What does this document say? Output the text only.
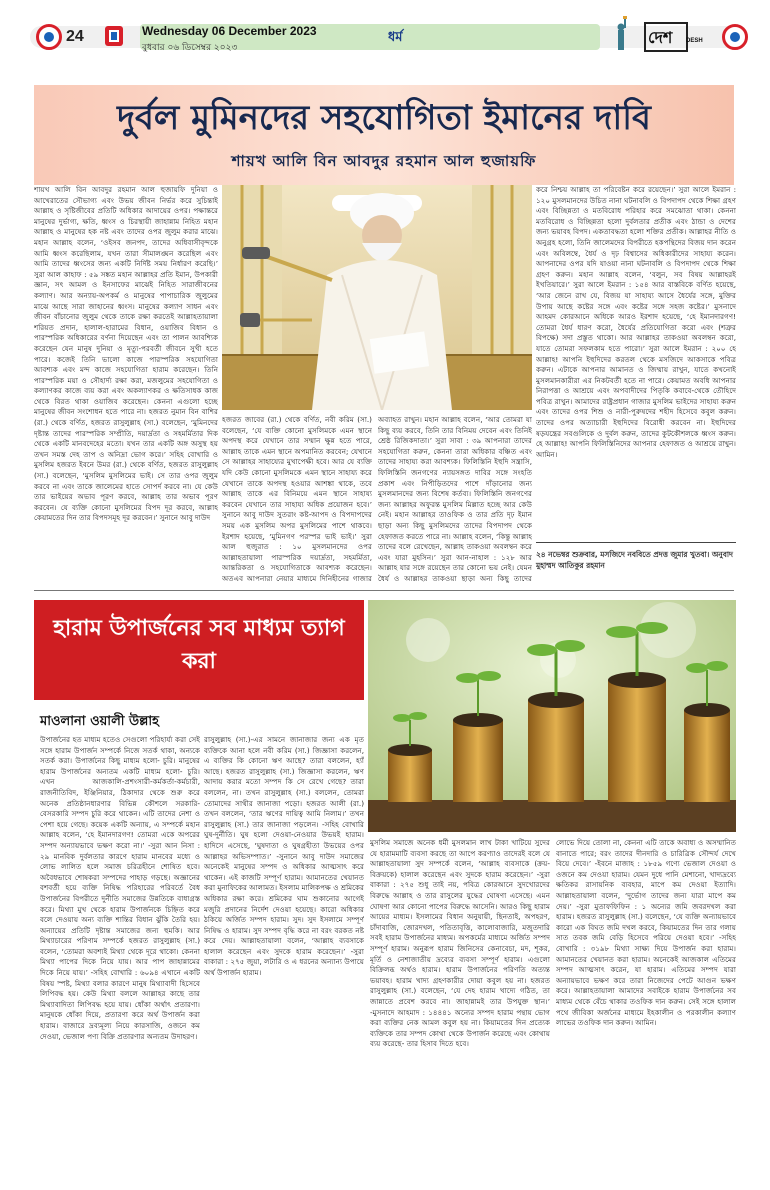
24	Wednesday 06 December 2023
বুধবার ০৬ ডিসেম্বর ২০২৩
ধর্ম	দেশ DESH
দুর্বল মুমিনদের সহযোগিতা ইমানের দাবি
শায়খ আলি বিন আবদুর রহমান আল হুজায়ফি
শায়খ আলি বিন আবদুর রহমান আল হুজায়ফি দুনিয়া ও আখেরাতের সৌভাগ্য এবং উভয় জীবন নির্ভর করে সুচিন্তাই আল্লাহ ও সৃষ্টিজীবের প্রতিটি অধিকার আদায়ের ওপর। পক্ষান্তরে মানুষের দুর্ভাগ্য, ক্ষতি, ধ্বংস ও চিরস্থায়ী জাহান্নাম নিহিত মহান আল্লাহ ও মানুষের হক নষ্ট এবং তাদের ওপর জুলুম করার মাঝে। মহান আল্লাহ বলেন, ‘ওইসব জনপদ, তাদের অধিবাসীবৃন্দকে আমি ধ্বংস করেছিলাম, যখন তারা সীমালঙ্ঘন করেছিল এবং আমি তাদের ধ্বংসের জন্য একটি নির্দিষ্ট সময় নির্ধারণ করেছি।’ সুরা আল কাহাফ : ৫৯ সঙ্কত মহান আল্লাহর প্রতি ইমান, উপকারী জ্ঞান, সৎ আমল ও ইনসাফের মাঝেই নিহিত সারাজীবনের কল্যাণ। আর অন্যায়-অপকর্ম ও মানুষের পাপাচারিক জুলুমের মাঝে আছে সারা জাহানের ধ্বংস। মানুষের কল্যাণ সাধন এবং জীবন বাঁচানোর জুলুম থেকে তাকে রক্ষা করতেই আল্লাহতায়ালা শরিয়ত প্রদান, হালাল-হারামের বিধান, ওয়াজিব বিধান ও পারস্পরিক অধিকারের বর্ণনা দিয়েছেন এবং তা পালন আবশ্যিক করেছেন যেন মানুষ দুনিয়া ও মৃত্যু-পরবর্তী জীবনে সুখী হতে পারে। কজেই তিনি ভালো কাজে পারস্পরিক সহযোগিতা আবশ্যক এবং মন্দ কাজে সহযোগিতা হারাম করেছেন। তিনি পারস্পরিক ময়া ও সৌহার্দ্য রক্ষা করা, মজলুমের সহযোগিতা ও কল্যাণকর কাজে ব্যয় করা এবং অকল্যাণকর ও ক্ষতিসাধক কাজ থেকে বিরত থাকা ওয়াজিব করেছেন। কেননা এগুলো হচ্ছে মানুষের জীবন সংশোধন হতে পারে না। হজরত নুমান বিন বাশির (রা.) থেকে বর্ণিত, হজরত রাসুলুল্লাহ (সা.) বলেছেন, ‘মুমিনদের দৃষ্টান্ত তাদের পারস্পরিক সম্প্রীতি, দয়ার্দ্রতা ও সহমর্মিতার দিক থেকে একটি মানবদেহের মতো। যখন তার একটি অঙ্গ অসুস্থ হয় তখন সমস্ত দেহ তাপ ও অনিদ্রা ভোগ করে।’ সহিহ বোখারি ও মুসলিম হজরত ইবনে উমর (রা.) থেকে বর্ণিত, হজরত রাসুলুল্লাহ (সা.) বলেছেন, ‘মুসলিম মুসলিমের ভাই। সে তার ওপর জুলুম করবে না এবং তাকে জালেমের হাতে সোপর্দ করবে না। যে কেউ তার ভাইয়ের অভাব পূরণ করবে, আল্লাহ তার অভাব পূরণ করবেন। যে ব্যক্তি কোনো মুসলিমের বিপদ দূর করবে, আল্লাহ কেয়ামতের দিন তার বিপদসমূহ দূর করবেন।’ সুনানে আবু দাউদ
হজরত জাবের (রা.) থেকে বর্ণিত, নবী করিম (সা.) বলেছেন, ‘যে ব্যক্তি কোনো মুসলিমকে এমন স্থানে অপদস্থ করে যেখানে তার সম্মান ক্ষুন্ন হতে পারে, আল্লাহ তাকে এমন স্থানে অপমানিত করবেন; যেখানে সে আল্লাহর সাহায্যের মুখাপেক্ষী হবে। আর যে ব্যক্তি যদি কেউ কোনো মুসলিমকে এমন স্থানে সাহায্য করে যেখানে তাকে অপদস্থ হওয়ার আশঙ্কা থাকে, তবে আল্লাহ তাকে এর বিনিময়ে এমন স্থানে সাহায্য করবেন যেখানে তার সাহায্য অধিক প্রয়োজন হবে।’ সুনানে আবু দাউদ সুতরাং কষ্ট-আপদ ও বিপদাপদের সময় এক মুসলিম অপর মুসলিমের পাশে থাকবে। ইরশাদ হয়েছে, ‘মুমিনগণ পরস্পর ভাই ভাই।’ সুরা আল হুজুরাত : ১০ মুসলমানদের ওপর আল্লাহতায়ালা পারস্পরিক দয়ার্দ্রতা, সহমর্মিতা, আন্তরিকতা ও সহযোগিতাকে আবশ্যক করেছেন। অতএব আপনারা নেয়ার মাধ্যমে দিনিহীনের গাজার
অব্যাহত রাখুন। মহান আল্লাহ বলেন, ‘আর তোমরা যা কিছু ব্যয় করবে, তিনি তার বিনিময় দেবেন এবং তিনিই শ্রেষ্ঠ রিজিকদাতা।’ সুরা সাবা : ৩৯ আপনারা তাদের সহযোগিতা করুন, কেননা তারা অধিকার বঞ্চিত এবং তাদের সাহায্য করা আবশ্যক। ফিলিস্তিনি ইহুদি সন্ত্রাসি, ফিলিস্তিনি জনগণের ন্যায়সঙ্গত দাবির সঙ্গে সংহতি প্রকাশ এবং নিপীড়িতদের পাশে দাঁড়ানোর জন্য মুসলমানদের জন্য বিশেষ কর্তব্য। ফিলিস্তিনি জনগণের জন্য আল্লাহর অফুরন্ত মুসলিম মিল্লাত হচ্ছে আর কেউ নেই। মহান আল্লাহর তাওফিক ও তার প্রতি দৃঢ় ইমান ছাড়া অন্য কিছু মুসলিমদের তাদের বিপদাপদ থেকে হেফাজত করতে পারে না। আল্লাহ বলেন, ‘কিন্তু আল্লাহ তাদের বলে রেখেছেন, আল্লাহ তাকওয়া অবলম্বন করে এবং যারা মুহসিন।’ সুরা আন-নাহাল : ১২৮ আর আল্লাহ যার সঙ্গে রয়েছেন তার কোনো ভয় নেই। যেমন ধৈর্য ও আল্লাহর তাকওয়া ছাড়া অন্য কিছু তাদের
করে নিশ্চয় আল্লাহ তা পরিবেষ্টন করে রয়েছেন।’ সুরা আলে ইমরান : ১২০ মুসলমানদের উচিত নানা ঘটনাবলি ও বিপদাপদ থেকে শিক্ষা গ্রহণ এবং বিচ্ছিন্নতা ও মতবিরোধ পরিহার করে সমঝোতা থাকা। কেননা মতবিরোধ ও বিচ্ছিন্নতা হলো দুর্বলতার প্রতীক এবং ঠান্ডা ও দেশের জন্য ভয়াবহ বিপদ। একতাবদ্ধতা হলো শক্তির প্রতীক। আল্লাহর নীতি ও অনুগ্রহ হলো, তিনি জালেমদের বিপরীতে হকপন্থিদের বিজয় দান করেন এবং অবিলম্বে, ধৈর্য ও দৃঢ় বিশ্বাসের অধিকারীদের সাহায্য করেন। আপনাদের ওপর যদি যাওয়া নানা ঘটনাবলি ও বিপদাপদ থেকে শিক্ষা গ্রহণ করুন। মহান আল্লাহ বলেন, ‘বলুন, সব বিষয় আল্লাহরই ইখতিয়ারে।’ সুরা আলে ইমরান : ১৫৪ আর বাস্তবিকে বর্ণিত হয়েছে, ‘আর জেনে রাখ যে, বিজয় যা সাহায্য আসে ধৈর্যের সঙ্গে, মুক্তির উপায় আছে কষ্টের সঙ্গে এবং কষ্টের সঙ্গে সহজ কষ্টের।’ মুসনাদে আহমদ কোরআনে অধিকে আরও ইরশাদ হয়েছে, ‘হে ইমানদারগণ! তোমরা ধৈর্য ধারণ করো, ধৈর্যের প্রতিযোগিতা করো এবং (শত্রুর বিপক্ষে) সদা প্রস্তুত থাকো। আর আল্লাহর তাকওয়া অবলম্বন করো, যাতে তোমরা সফলকাম হতে পারো।’ সুরা আলে ইমরান : ২০০ হে আল্লাহ! আপনি ইহুদিদের করতল থেকে মসজিদে আকসাকে পবিত্র করুন। এটাকে আপনার আমানত ও জিম্মায় রাখুন, যাতে কখনোই মুসলমানকারীরা এর নিকটবর্তী হতে না পারে। কেয়ামত অবধি আপনার নিরাপত্তা ও আশ্রয়ে এবং অপবাদীদের পিতৃকি কবাবে-থেকে তৌহিদে পবিত্র রাখুন। আমাদের রাষ্ট্রপ্রধান গাজার মুসলিম ভাইদের সাহায্য করুন এবং তাদের ওপর শিশু ও নারী-পুরুষদের শহীদ হিসেবে কবুল করুন। তাদের ওপর অত্যাচারী ইহুদিদের বিরোধী করবেন না। ইহুদিদের ষড়যন্ত্রের সবগুলিকে ও দুর্বল করুন, তাদের কুটকৌশলকে ধ্বংস করুন। হে আল্লাহ! আপনি ফিলিস্তিনিদের আপনার হেফাজত ও আশ্রয়ে রাখুন। আমিন।
২৪ নভেম্বর শুক্রবার, মসজিদে নববিতে প্রদত্ত জুমার খুতবা। অনুবাদ মুহাম্মদ আতিকুর রহমান
হারাম উপার্জনের সব মাধ্যম ত্যাগ করা
মাওলানা ওয়ালী উল্লাহ
উপার্জনের হত মাধ্যম হতেও সেগুলো পরিহার্য্য করা সেই সঙ্গে হারাম উপার্জন সম্পর্কে নিজে সতর্ক থাকা, অন্যকে সতর্ক করা। উপার্জনের কিছু মাধ্যম হলো- চুরি। মানুষের হারাম উপার্জনের অন্যতম একটি মাধ্যম হলো- চুরি। এখন আজকালি-প্রশংসারী-কর্মকর্তা-কর্মচারী, রাজনীতিবিদ, ইঞ্জিনিয়ার, ঠিকাদার থেকে শুরু করে অনেক প্রতিষ্ঠানধারণার বিভিন্ন কৌশলে সরকারি-বেসরকারি সম্পদ চুরি করে থাকেন। এটি তাদের নেশা ও পেশা হয়ে গেছে। কয়েক একটি অন্যায়, এ সম্পর্কে মহান আল্লাহ বলেন, ‘হে ইমানদারগণ! তোমরা একে অপরের সম্পদ অন্যায়ভাবে ভক্ষণ করো না।’ -সুরা আন নিসা : ২৯ মানবিক দুর্বলতার কারণে হারাম মানবের মধ্যে ও লোভ লালিত হলে সমাজ চরিত্রহীনে শোষিত হবে। অবৈধভাবে শোষকরা সম্পদের পাহাড় গড়ছে। অজ্ঞানের বশবর্তী হয়ে ব্যক্তি নিষিদ্ধ পরিহারের পরিবর্তে বৈধ উপার্জনের বিপরীতে দুর্নীতি সমাজের উন্নতিকে বাধাগ্রস্ত করে। মিথ্যা মুখ থেকে হারাম উপার্জনকে চিহ্নিত করে বলে দেওয়ায় অন্য ব্যক্তি শান্তির বিধান ঝুঁকি তৈরি হয়। অন্যায়ের প্রতিটি দৃষ্টান্ত সমাজের জন্য হুমকি। আর মিথ্যাচারের পরিণাম সম্পর্কে হজরত রাসুলুল্লাহ (সা.) বলেন, ‘তোমরা অবশ্যই মিথ্যা থেকে দূরে থাকো। কেননা মিথ্যা পাপের দিকে নিয়ে যায়। আর পাপ জাহান্নামের দিকে নিয়ে যায়।’ -সহিহ বোখারি : ৬০৯৪ এখানে একটি বিষয় স্পষ্ট, মিথ্যা বলার কারণে মানুষ মিথ্যাবাদী হিসেবে লিপিবদ্ধ হয়। কেউ মিথ্যা বললে আল্লাহর কাছে তার মিথ্যাবাদিতা লিপিবদ্ধ হয়ে যায়। ধোঁকা অর্থাৎ প্রতারণা। মানুষকে ধোঁকা দিয়ে, প্রতারণা করে অর্থ উপার্জন করা হারাম। বাজারে দ্রব্যমূল্য নিয়ে কারসাজি, ওজনে কম দেওয়া, ভেজাল পণ্য বিক্রি প্রতারণার অন্যতম উদাহরণ।
রাসুলুল্লাহ (সা.)-এর সামনে জানাজার জন্য এক মৃত ব্যক্তিকে আনা হলে নবী করিম (সা.) জিজ্ঞাসা করলেন, এ ব্যক্তির কি কোনো ঋণ আছে? তারা বললেন, হ্যাঁ আছে। হজরত রাসুলুল্লাহ (সা.) জিজ্ঞাসা করলেন, ঋণ আদায় করার মতো সম্পদ কি সে রেখে গেছে? তারা বললেন, না। তখন রাসুলুল্লাহ (সা.) বললেন, তোমরা তোমাদের সাথীর জানাজা পড়ো। হজরত আলী (রা.) তখন বললেন, ‘তার ঋণের দায়িত্ব আমি নিলাম।’ তখন রাসুলুল্লাহ (সা.) তার জানাজা পড়লেন। -সহিহ বোখারি ঘুষ-দুর্নীতি। ঘুষ হলো দেওয়া-নেওয়ার উভয়ই হারাম। হাদিসে এসেছে, ‘ঘুষদাতা ও ঘুষগ্রহীতা উভয়ের ওপর আল্লাহর অভিসম্পাত।’ -সুনানে আবু দাউদ সমাজের অনেকেই মানুষের সম্পদ ও অধিকার আত্মসাৎ করে থাকেন। এই কাজটি সম্পূর্ণ হারাম। আমানতের খেয়ানত করা মুনাফিকের আলামত। ইসলাম মালিকপক্ষ ও শ্রমিকের অধিকার রক্ষা করে। শ্রমিকের ঘাম শুকানোর আগেই মজুরি প্রদানের নির্দেশ দেওয়া হয়েছে। কারো অধিকার ঠকিয়ে অর্জিত সম্পদ হারাম। সুদ। সুদ ইসলামে সম্পূর্ণ নিষিদ্ধ ও হারাম। সুদ সম্পদ বৃদ্ধি করে না বরং বরকত নষ্ট করে দেয়। আল্লাহতায়ালা বলেন, ‘আল্লাহ ব্যবসাকে হালাল করেছেন এবং সুদকে হারাম করেছেন।’ -সুরা বাকারা : ২৭৫ জুয়া, লটারি ও এ ধরনের অন্যান্য উপায়ে অর্থ উপার্জন হারাম।
মুসলিম সমাজে অনেক ধর্মী মুসলমান লাখ টাকা খাটিয়ে সুদের যে হারামমাটি ব্যবসা করছে তা আপে করণ্যাও তাদেরই বলে যে আল্লাহতায়ালা সুদ সম্পর্কে বলেন, ‘আল্লাহ ব্যবসাকে (ক্রয়-বিক্রয়কে) হালাল করেছেন এবং সুদকে হারাম করেছেন।’ -সুরা বাকারা : ২৭৫ শুধু তাই নয়, পবিত্র কোরআনে সুদখোরদের বিরুদ্ধে আল্লাহ ও তার রাসুলের যুদ্ধের ঘোষণা এসেছে। এমন ঘোষণা আর কোনো পাপের বিরুদ্ধে আসেনি। আরও কিছু হারাম আয়ের মাধ্যম। ইসলামের বিধান অনুযায়ী, ছিনতাই, অপহরণ, চাঁদাবাজি, জোরদখল, পতিতাবৃত্তি, কালোবাজারি, মজুতদারি সবই হারাম উপার্জনের মাধ্যম। অপকর্মের মাধ্যমে অর্জিত সম্পদ সম্পূর্ণ হারাম। অনুরূপ হারাম জিনিসের কেনাবেচা, মদ, শূকর, মূর্তি ও নেশাজাতীয় দ্রব্যের ব্যবসা সম্পূর্ণ হারাম। এগুলো বিক্রিলব্ধ অর্থও হারাম। হারাম উপার্জনের পরিণতি অত্যন্ত ভয়াবহ। হারাম খাদ্য গ্রহণকারীর দোয়া কবুল হয় না। হজরত রাসুলুল্লাহ (সা.) বলেছেন, ‘যে দেহ হারাম খাদ্যে গঠিত, তা জান্নাতে প্রবেশ করবে না। জাহান্নামই তার উপযুক্ত স্থান।’ -মুসনাদে আহমাদ : ১৪৪৪১ অন্যের সম্পদ হারাম পন্থায় ভোগ করা ব্যক্তির নেক আমল কবুল হয় না। কিয়ামতের দিন প্রত্যেক ব্যক্তিকে তার সম্পদ কোথা থেকে উপার্জন করেছে এবং কোথায় ব্যয় করেছে- তার হিসাব দিতে হবে।
লোভে দিয়ে তোলা না, কেননা এটি তাকে অবাধ্য ও অসম্মানিত বানাতে পারে; বরং তাদের দীনদারি ও চারিত্রিক সৌন্দর্য দেখে বিয়ে দেবে।’ -ইবনে মাজাহ : ১৮৫৯ গণ্যে ভেজাল দেওয়া ও ওজনে কম দেওয়া হারাম। যেমন দুধে পানি মেশানো, খাদ্যদ্রব্যে ক্ষতিকর রাসায়নিক ব্যবহার, মাপে কম দেওয়া ইত্যাদি। আল্লাহতায়ালা বলেন, ‘দুর্ভোগ তাদের জন্য যারা মাপে কম দেয়।’ -সুরা মুতাফফিফিন : ১ অন্যের জমি জবরদখল করা হারাম। হজরত রাসুলুল্লাহ (সা.) বলেছেন, ‘যে ব্যক্তি অন্যায়ভাবে কারো এক বিঘত জমি দখল করবে, কিয়ামতের দিন তার গলায় সাত তবক জমি বেড়ি হিসেবে পরিয়ে দেওয়া হবে।’ -সহিহ বোখারি : ৩১৯৮ মিথ্যা সাক্ষ্য দিয়ে উপার্জন করা হারাম। আমানতের খেয়ানত করা হারাম। অনেকেই আজকাল এতিমের সম্পদ আত্মসাৎ করেন, যা হারাম। এতিমের সম্পদ যারা অন্যায়ভাবে ভক্ষণ করে তারা নিজেদের পেটে আগুন ভক্ষণ করে। আল্লাহতায়ালা আমাদের সবাইকে হারাম উপার্জনের সব মাধ্যম থেকে বেঁচে থাকার তওফিক দান করুন। সেই সঙ্গে হালাল পথে জীবিকা অর্জনের মাধ্যমে ইহকালীন ও পরকালীন কল্যাণ লাভের তওফিক দান করুন। আমিন।
